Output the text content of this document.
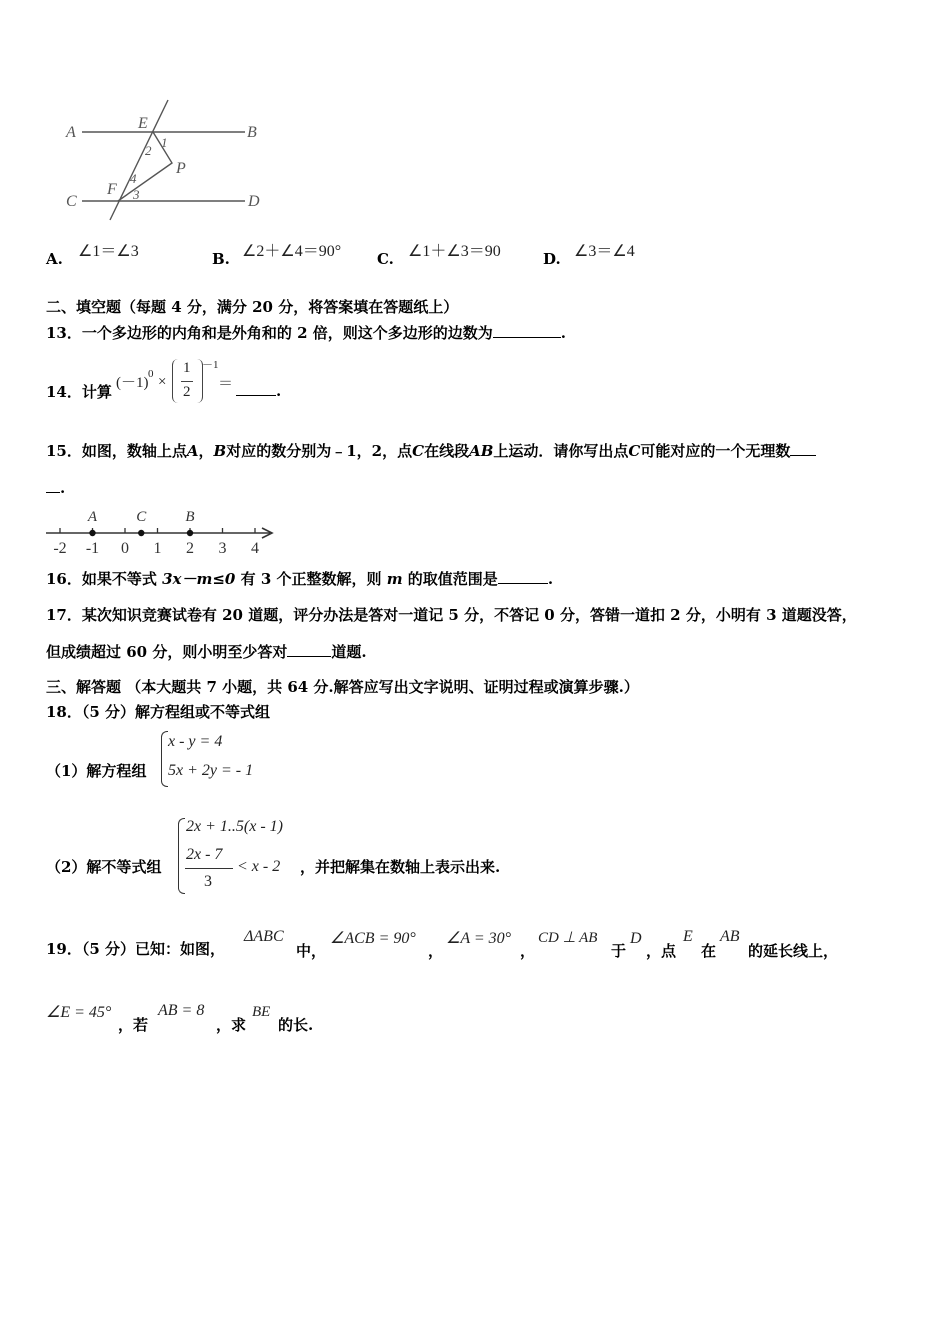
A
E
B
1
2
P
C
4
F 3	D
A. ∠1＝∠3	B. ∠2＋∠4＝90° C. ∠1＋∠3＝90	D. ∠3＝∠4
二、填空题（每题 4 分，满分 20 分，将答案填在答题纸上）
13．一个多边形的内角和是外角和的 2 倍，则这个多边形的边数为	.
14．计算 (－1)
0 ×
1
2
－1
＝	.
15．如图，数轴上点A，B对应的数分别为﹣1，2，点C在线段AB上运动．请你写出点C可能对应的一个无理数
.
-2 -1 0 1 2 3 4
A	C	B
16．如果不等式 3x－m≤0 有 3 个正整数解，则 m 的取值范围是	.
17．某次知识竞赛试卷有 20 道题，评分办法是答对一道记 5 分，不答记 0 分，答错一道扣 2 分，小明有 3 道题没答，
但成绩超过 60 分，则小明至少答对	道题.
三、解答题 （本大题共 7 小题，共 64 分.解答应写出文字说明、证明过程或演算步骤.）
18．（5 分）解方程组或不等式组
（1）解方程组
x - y = 4
5x + 2y = - 1
（2）解不等式组
2x + 1..5(x - 1)
2x - 7
3
< x - 2 ，并把解集在数轴上表示出来.
19．（5 分）已知：如图，
ΔABC
中，
∠ACB = 90°
，
∠A = 30°
，
CD ⊥ AB
于
D
，点
E
在
AB
的延长线上，
∠E = 45°
，若
AB = 8
，求
BE
的长.
